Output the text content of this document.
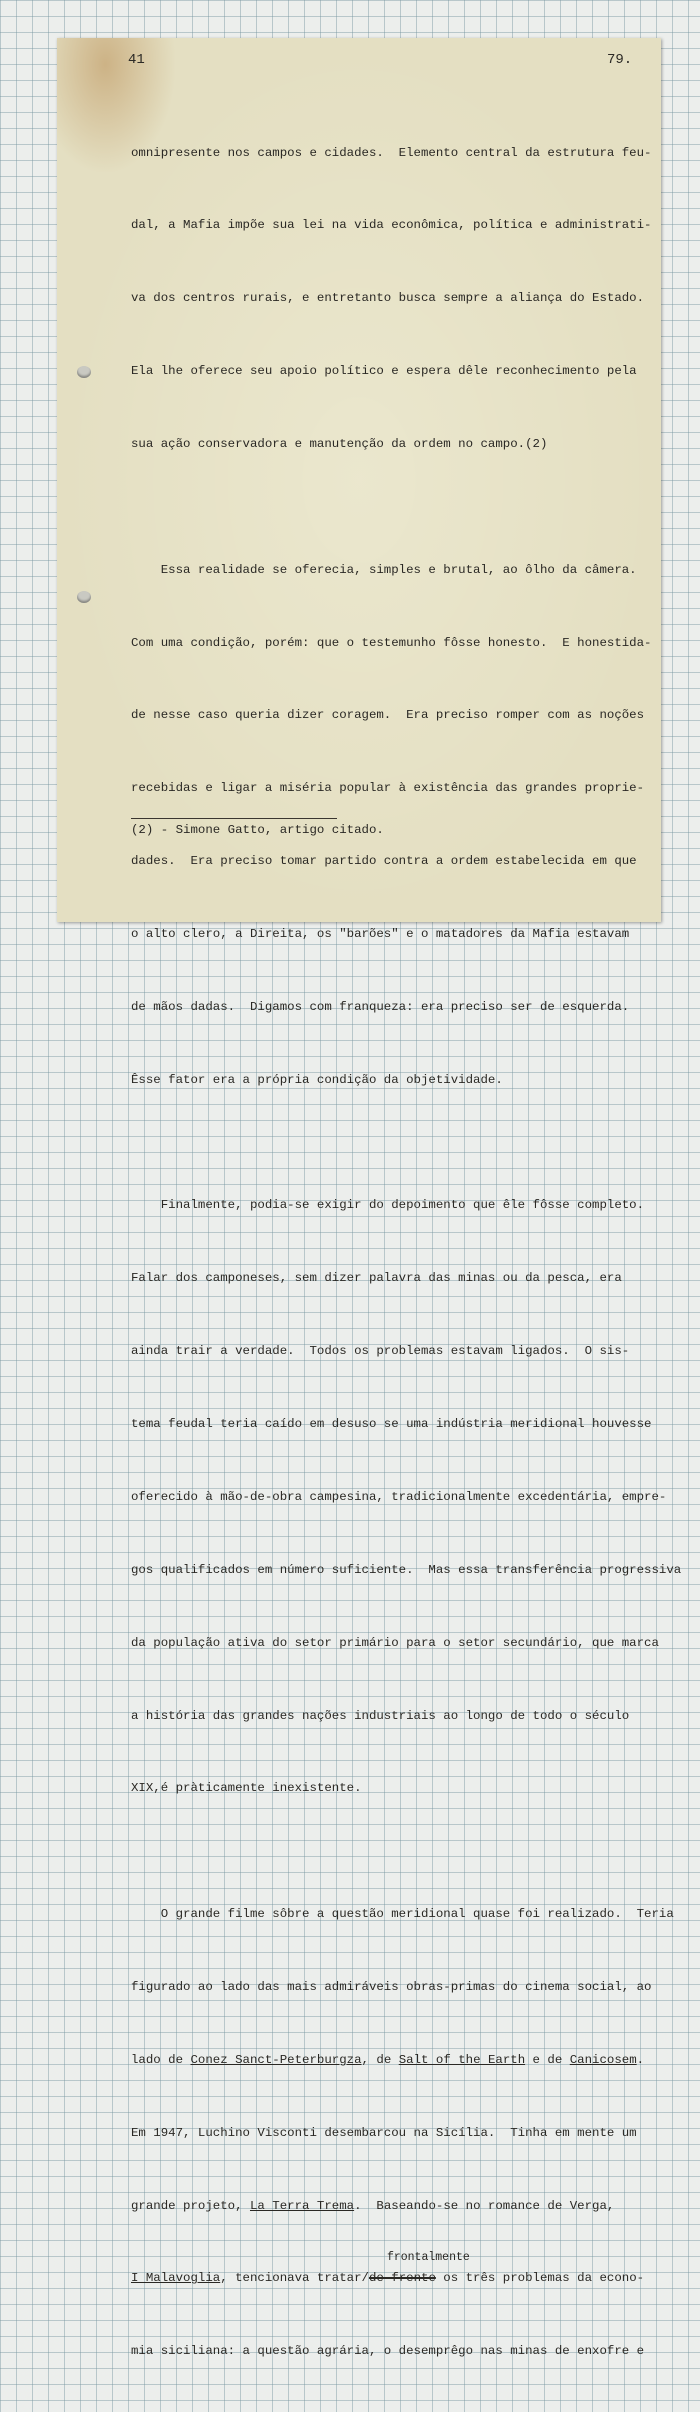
41	79.

omnipresente nos campos e cidades.  Elemento central da estrutura feu-

dal, a Mafia impõe sua lei na vida econômica, política e administrati-

va dos centros rurais, e entretanto busca sempre a aliança do Estado.

Ela lhe oferece seu apoio político e espera dêle reconhecimento pela

sua ação conservadora e manutenção da ordem no campo.(2)

Essa realidade se oferecia, simples e brutal, ao ôlho da câmera.

Com uma condição, porém: que o testemunho fôsse honesto.  E honestida-

de nesse caso queria dizer coragem.  Era preciso romper com as noções

recebidas e ligar a miséria popular à existência das grandes proprie-

dades.  Era preciso tomar partido contra a ordem estabelecida em que

o alto clero, a Direita, os "barões" e o matadores da Mafia estavam

de mãos dadas.  Digamos com franqueza: era preciso ser de esquerda.

Êsse fator era a própria condição da objetividade.

Finalmente, podia-se exigir do depoimento que êle fôsse completo.

Falar dos camponeses, sem dizer palavra das minas ou da pesca, era

ainda trair a verdade.  Todos os problemas estavam ligados.  O sis-

tema feudal teria caído em desuso se uma indústria meridional houvesse

oferecido à mão-de-obra campesina, tradicionalmente excedentária, empre-

gos qualificados em número suficiente.  Mas essa transferência progressiva

da população ativa do setor primário para o setor secundário, que marca

a história das grandes nações industriais ao longo de todo o século

XIX,é pràticamente inexistente.

O grande filme sôbre a questão meridional quase foi realizado.  Teria

figurado ao lado das mais admiráveis obras-primas do cinema social, ao

lado de Conez Sanct-Peterburgza, de Salt of the Earth e de Canicosem.

Em 1947, Luchino Visconti desembarcou na Sicília.  Tinha em mente um

grande projeto, La Terra Trema.  Baseando-se no romance de Verga,

I Malavoglia, tencionava tratar/
frontalmente
de frente os três problemas da econo-

mia siciliana: a questão agrária, o desemprêgo nas minas de enxofre e

(2) - Simone Gatto, artigo citado.
